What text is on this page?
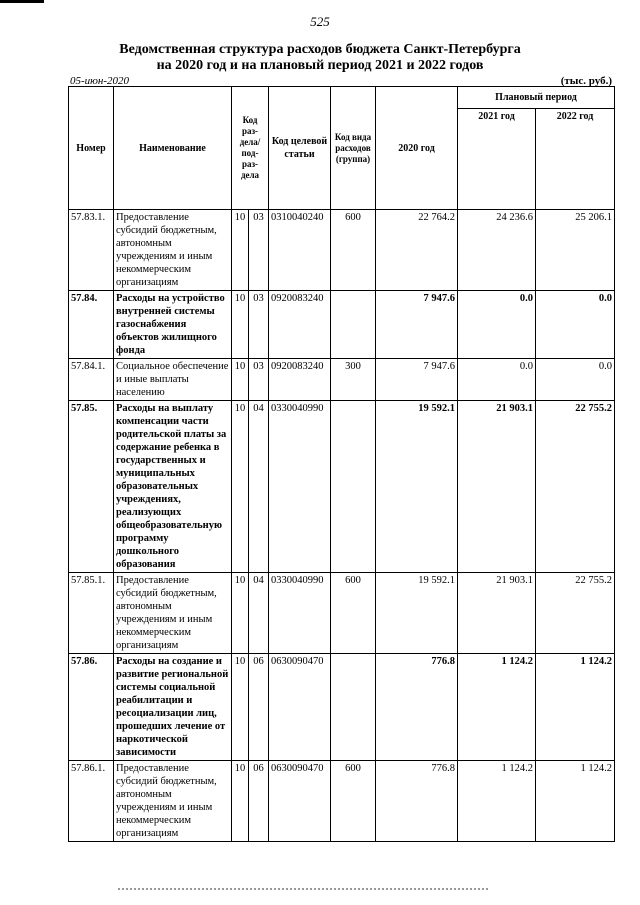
525
Ведомственная структура расходов бюджета Санкт-Петербурга
на 2020 год и на плановый период 2021 и 2022 годов
05-июн-2020	(тыс. руб.)
Номер	Наименование	Код раз- дела/ под- раз- дела		Код целевой статьи	Код вида расходов (группа)	2020 год	Плановый период	
							2021 год	2022 год
57.83.1.	Предоставление субсидий бюджетным, автономным учреждениям и иным некоммерческим организациям	10	03	0310040240	600	22 764.2	24 236.6	25 206.1
57.84.	Расходы на устройство внутренней системы газоснабжения объектов жилищного фонда	10	03	0920083240		7 947.6	0.0	0.0
57.84.1.	Социальное обеспечение и иные выплаты населению	10	03	0920083240	300	7 947.6	0.0	0.0
57.85.	Расходы на выплату компенсации части родительской платы за содержание ребенка в государственных и муниципальных образовательных учреждениях, реализующих общеобразовательную программу дошкольного образования	10	04	0330040990		19 592.1	21 903.1	22 755.2
57.85.1.	Предоставление субсидий бюджетным, автономным учреждениям и иным некоммерческим организациям	10	04	0330040990	600	19 592.1	21 903.1	22 755.2
57.86.	Расходы на создание и развитие региональной системы социальной реабилитации и ресоциализации лиц, прошедших лечение от наркотической зависимости	10	06	0630090470		776.8	1 124.2	1 124.2
57.86.1.	Предоставление субсидий бюджетным, автономным учреждениям и иным некоммерческим организациям	10	06	0630090470	600	776.8	1 124.2	1 124.2
